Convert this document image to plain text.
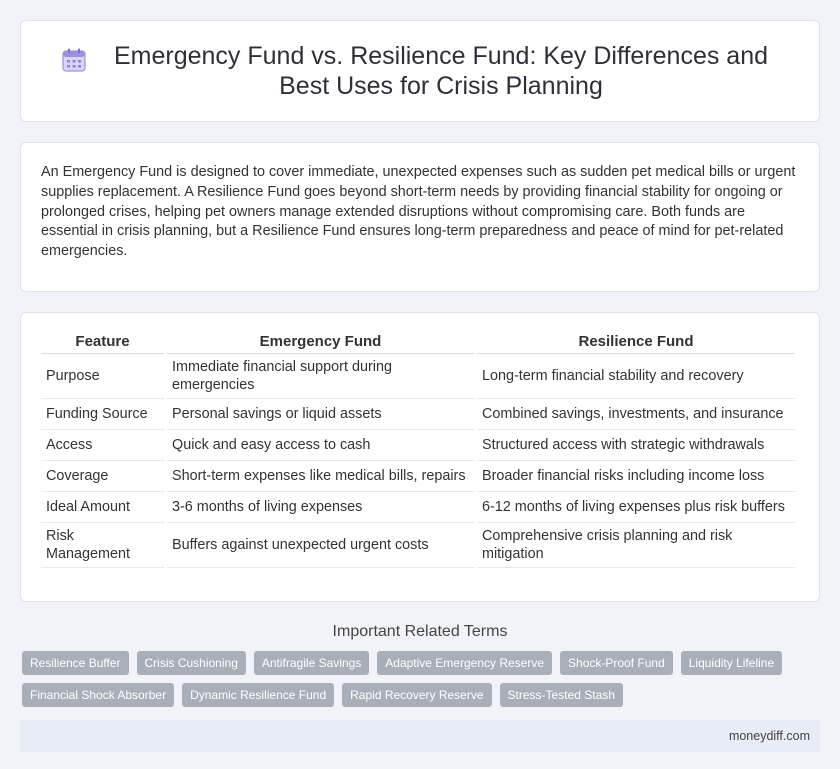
Emergency Fund vs. Resilience Fund: Key Differences and Best Uses for Crisis Planning

An Emergency Fund is designed to cover immediate, unexpected expenses such as sudden pet medical bills or urgent supplies replacement. A Resilience Fund goes beyond short-term needs by providing financial stability for ongoing or prolonged crises, helping pet owners manage extended disruptions without compromising care. Both funds are essential in crisis planning, but a Resilience Fund ensures long-term preparedness and peace of mind for pet-related emergencies.

Feature	Emergency Fund	Resilience Fund
Purpose	Immediate financial support during emergencies	Long-term financial stability and recovery
Funding Source	Personal savings or liquid assets	Combined savings, investments, and insurance
Access	Quick and easy access to cash	Structured access with strategic withdrawals
Coverage	Short-term expenses like medical bills, repairs	Broader financial risks including income loss
Ideal Amount	3-6 months of living expenses	6-12 months of living expenses plus risk buffers
Risk Management	Buffers against unexpected urgent costs	Comprehensive crisis planning and risk mitigation
Important Related Terms
Resilience Buffer	Crisis Cushioning	Antifragile Savings	Adaptive Emergency Reserve	Shock-Proof Fund	Liquidity Lifeline
Financial Shock Absorber	Dynamic Resilience Fund	Rapid Recovery Reserve	Stress-Tested Stash
moneydiff.com
